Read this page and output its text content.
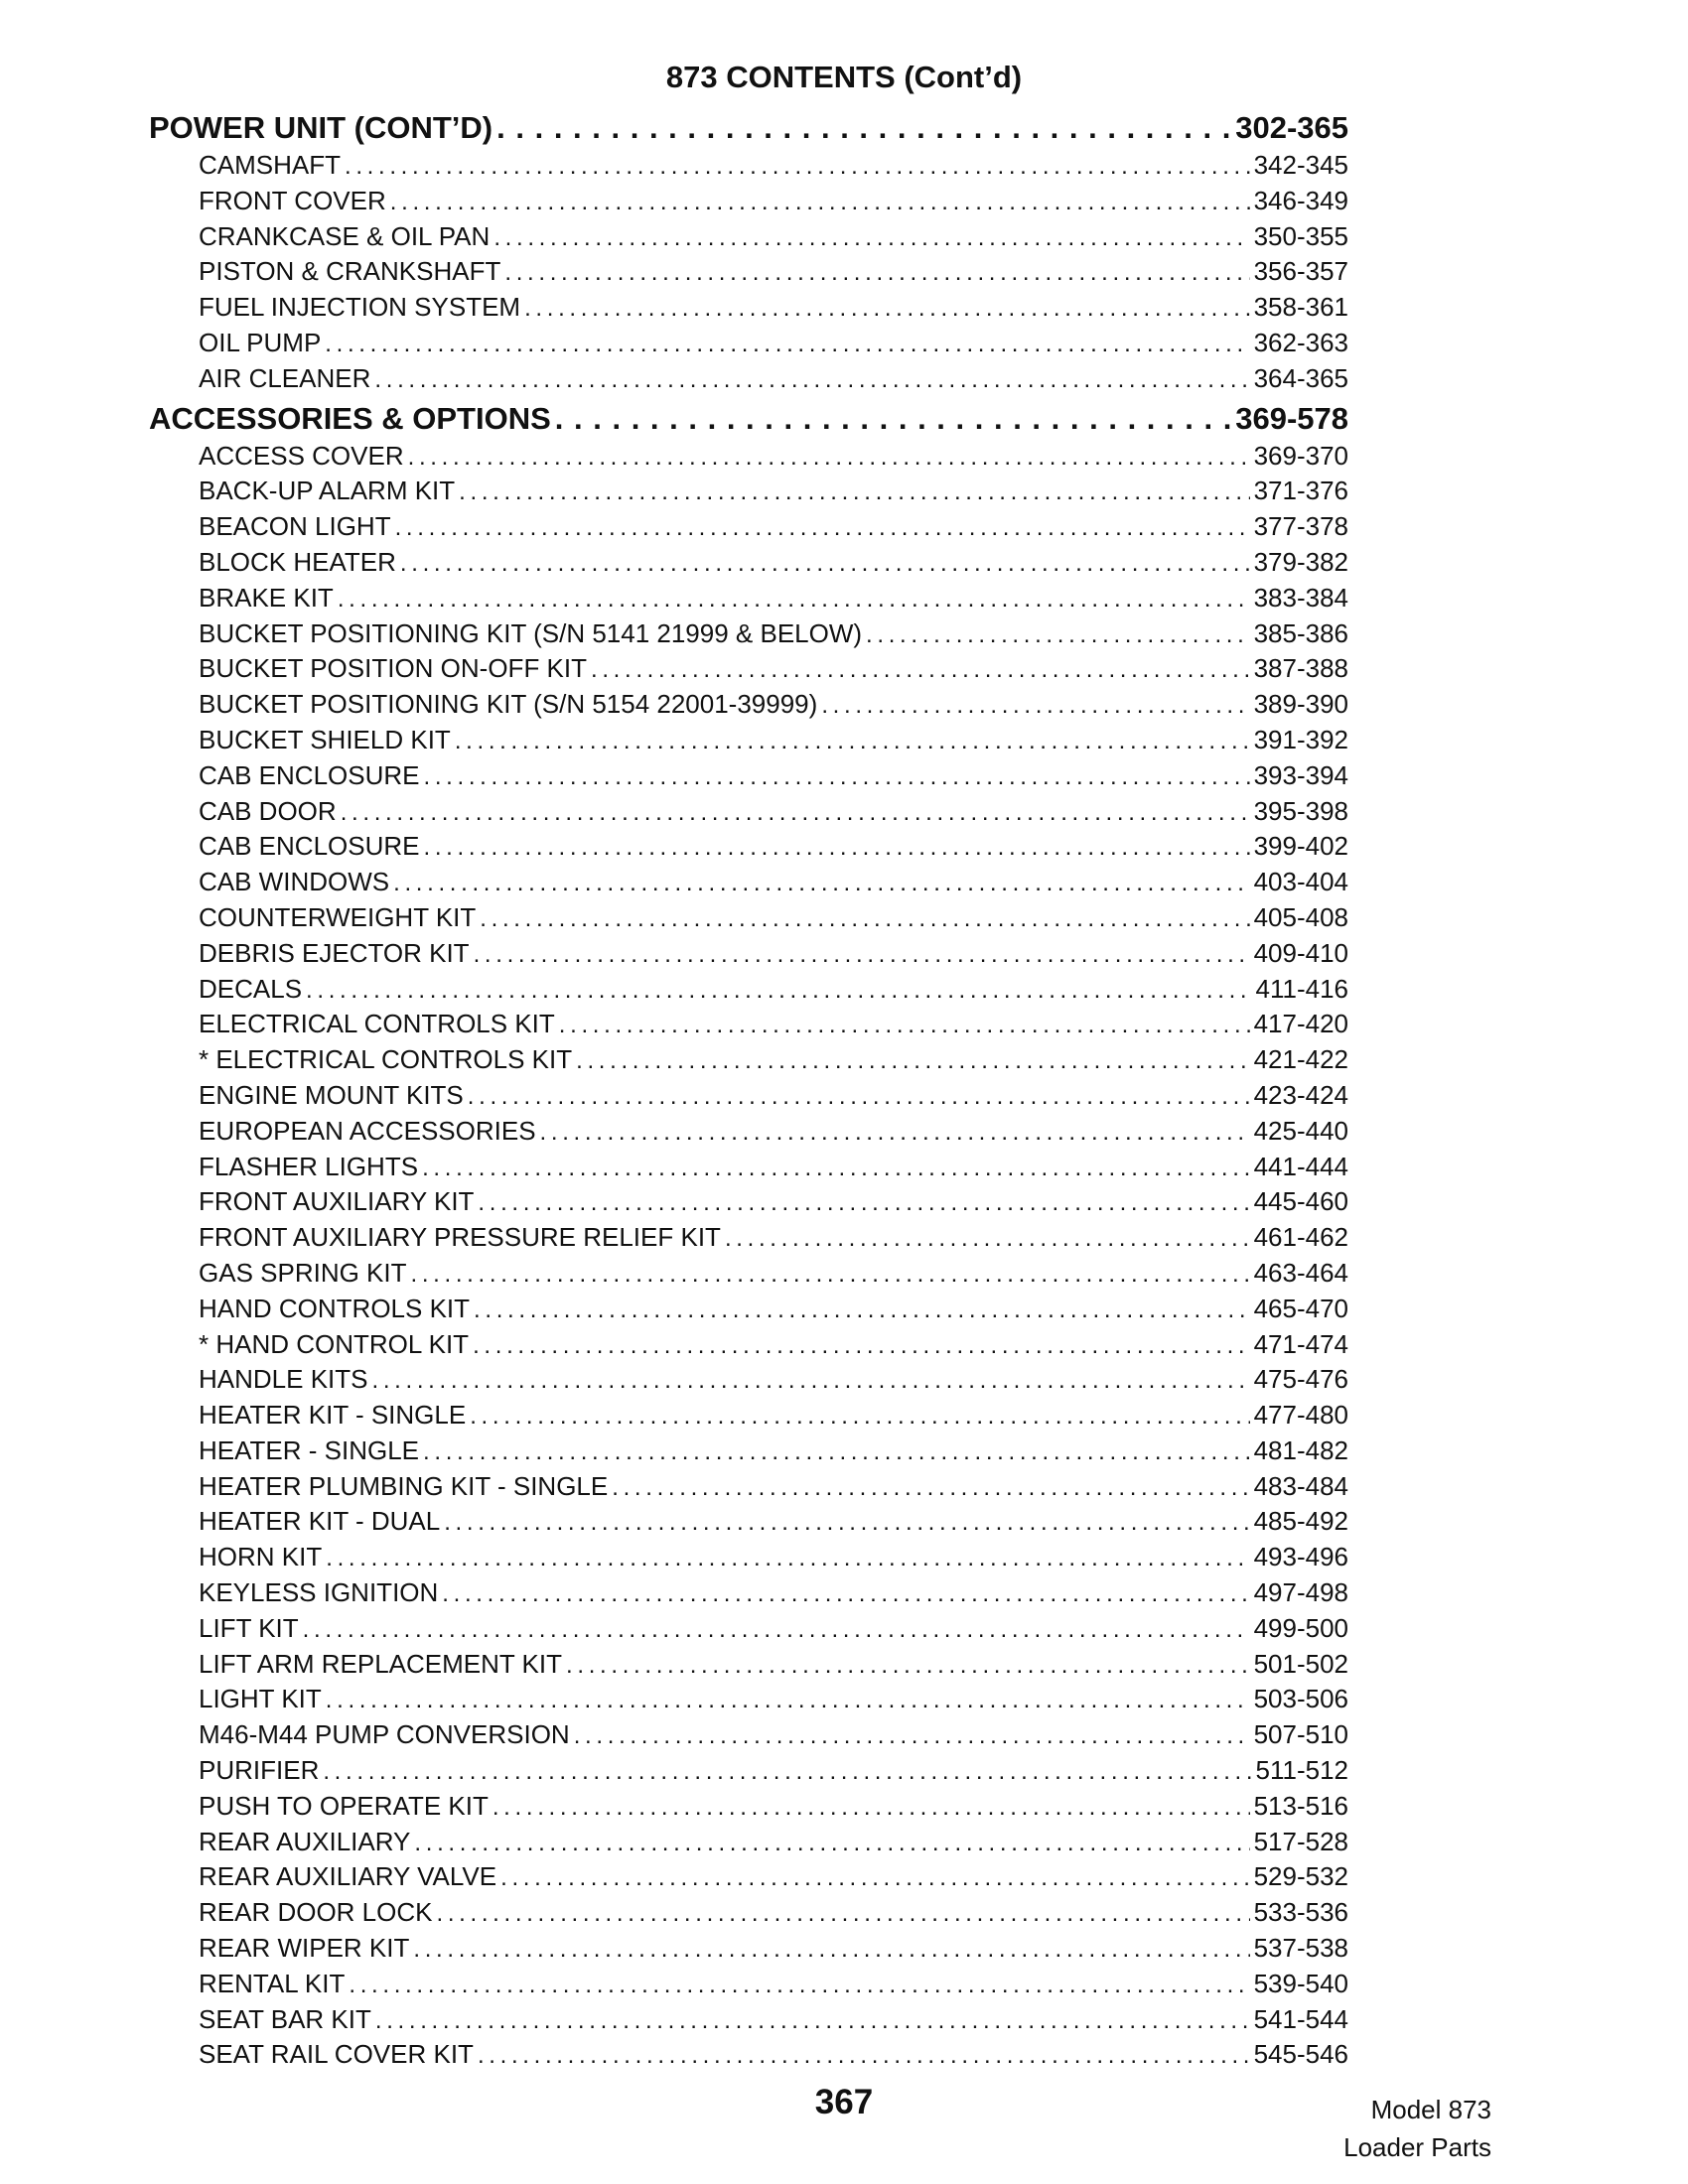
873 CONTENTS (Cont’d)
POWER UNIT (CONT’D) . . .	302-365
CAMSHAFT . . .	342-345
FRONT COVER . . .	346-349
CRANKCASE & OIL PAN . . .	350-355
PISTON & CRANKSHAFT . . .	356-357
FUEL INJECTION SYSTEM . . .	358-361
OIL PUMP . . .	362-363
AIR CLEANER . . .	364-365
ACCESSORIES & OPTIONS . . .	369-578
ACCESS COVER . . .	369-370
BACK-UP ALARM KIT . . .	371-376
BEACON LIGHT . . .	377-378
BLOCK HEATER . . .	379-382
BRAKE KIT . . .	383-384
BUCKET POSITIONING KIT (S/N 5141 21999 & BELOW) . . .	385-386
BUCKET POSITION ON-OFF KIT . . .	387-388
BUCKET POSITIONING KIT (S/N 5154 22001-39999) . . .	389-390
BUCKET SHIELD KIT . . .	391-392
CAB ENCLOSURE . . .	393-394
CAB DOOR . . .	395-398
CAB ENCLOSURE . . .	399-402
CAB WINDOWS . . .	403-404
COUNTERWEIGHT KIT . . .	405-408
DEBRIS EJECTOR KIT . . .	409-410
DECALS . . .	411-416
ELECTRICAL CONTROLS KIT . . .	417-420
* ELECTRICAL CONTROLS KIT . . .	421-422
ENGINE MOUNT KITS . . .	423-424
EUROPEAN ACCESSORIES . . .	425-440
FLASHER LIGHTS . . .	441-444
FRONT AUXILIARY KIT . . .	445-460
FRONT AUXILIARY PRESSURE RELIEF KIT . . .	461-462
GAS SPRING KIT . . .	463-464
HAND CONTROLS KIT . . .	465-470
* HAND CONTROL KIT . . .	471-474
HANDLE KITS . . .	475-476
HEATER KIT - SINGLE . . .	477-480
HEATER - SINGLE . . .	481-482
HEATER PLUMBING KIT - SINGLE . . .	483-484
HEATER KIT - DUAL . . .	485-492
HORN KIT . . .	493-496
KEYLESS IGNITION . . .	497-498
LIFT KIT . . .	499-500
LIFT ARM REPLACEMENT KIT . . .	501-502
LIGHT KIT . . .	503-506
M46-M44 PUMP CONVERSION . . .	507-510
PURIFIER . . .	511-512
PUSH TO OPERATE KIT . . .	513-516
REAR AUXILIARY . . .	517-528
REAR AUXILIARY VALVE . . .	529-532
REAR DOOR LOCK . . .	533-536
REAR WIPER KIT . . .	537-538
RENTAL KIT . . .	539-540
SEAT BAR KIT . . .	541-544
SEAT RAIL COVER KIT . . .	545-546
367	Model 873
Loader Parts
